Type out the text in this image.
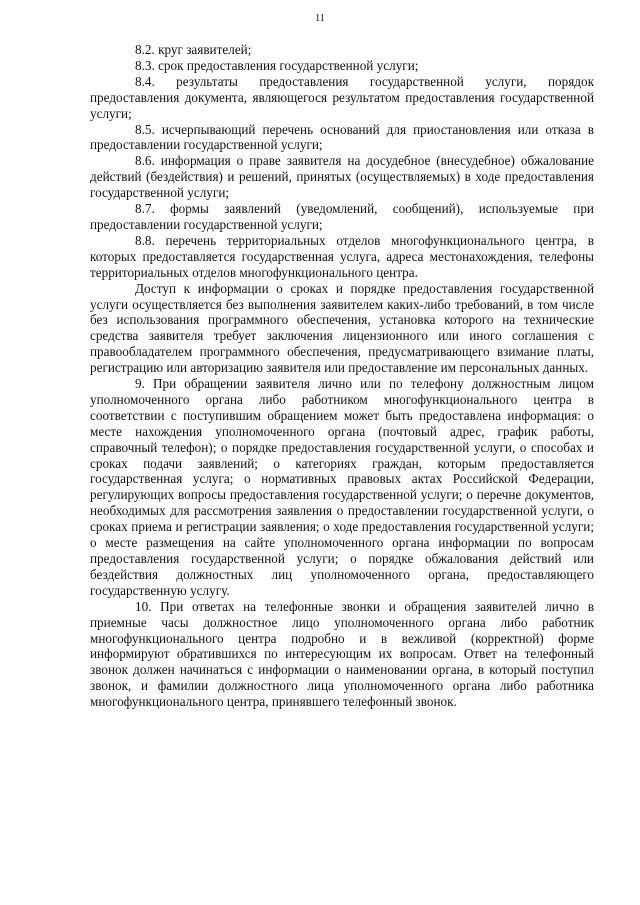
11

8.2. круг заявителей;

8.3. срок предоставления государственной услуги;

8.4. результаты предоставления государственной услуги, порядок предоставления документа, являющегося результатом предоставления государственной услуги;

8.5. исчерпывающий перечень оснований для приостановления или отказа в предоставлении государственной услуги;

8.6. информация о праве заявителя на досудебное (внесудебное) обжалование действий (бездействия) и решений, принятых (осуществляемых) в ходе предоставления государственной услуги;

8.7. формы заявлений (уведомлений, сообщений), используемые при предоставлении государственной услуги;

8.8. перечень территориальных отделов многофункционального центра, в которых предоставляется государственная услуга, адреса местонахождения, телефоны территориальных отделов многофункционального центра.

Доступ к информации о сроках и порядке предоставления государственной услуги осуществляется без выполнения заявителем каких-либо требований, в том числе без использования программного обеспечения, установка которого на технические средства заявителя требует заключения лицензионного или иного соглашения с правообладателем программного обеспечения, предусматривающего взимание платы, регистрацию или авторизацию заявителя или предоставление им персональных данных.

9. При обращении заявителя лично или по телефону должностным лицом уполномоченного органа либо работником многофункционального центра в соответствии с поступившим обращением может быть предоставлена информация: о месте нахождения уполномоченного органа (почтовый адрес, график работы, справочный телефон); о порядке предоставления государственной услуги, о способах и сроках подачи заявлений; о категориях граждан, которым предоставляется государственная услуга; о нормативных правовых актах Российской Федерации, регулирующих вопросы предоставления государственной услуги; о перечне документов, необходимых для рассмотрения заявления о предоставлении государственной услуги, о сроках приема и регистрации заявления; о ходе предоставления государственной услуги; о месте размещения на сайте уполномоченного органа информации по вопросам предоставления государственной услуги; о порядке обжалования действий или бездействия должностных лиц уполномоченного органа, предоставляющего государственную услугу.

10. При ответах на телефонные звонки и обращения заявителей лично в приемные часы должностное лицо уполномоченного органа либо работник многофункционального центра подробно и в вежливой (корректной) форме информируют обратившихся по интересующим их вопросам. Ответ на телефонный звонок должен начинаться с информации о наименовании органа, в который поступил звонок, и фамилии должностного лица уполномоченного органа либо работника многофункционального центра, принявшего телефонный звонок.
